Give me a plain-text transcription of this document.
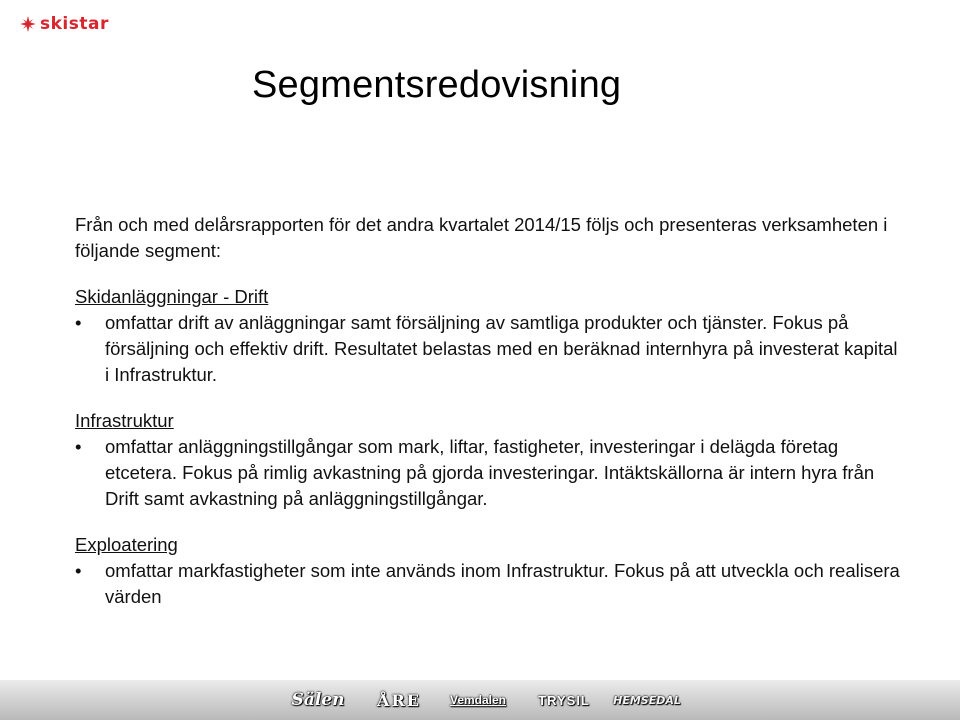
skistar
Segmentsredovisning

Från och med delårsrapporten för det andra kvartalet 2014/15 följs och presenteras verksamheten i följande segment:

Skidanläggningar - Drift

• omfattar drift av anläggningar samt försäljning av samtliga produkter och tjänster. Fokus på försäljning och effektiv drift. Resultatet belastas med en beräknad internhyra på investerat kapital i Infrastruktur.

Infrastruktur

• omfattar anläggningstillgångar som mark, liftar, fastigheter, investeringar i delägda företag etcetera. Fokus på rimlig avkastning på gjorda investeringar. Intäktskällorna är intern hyra från Drift samt avkastning på anläggningstillgångar.

Exploatering

• omfattar markfastigheter som inte används inom Infrastruktur. Fokus på att utveckla och realisera värden

Sälen	ÅRE	Vemdalen	TRYSIL	HEMSEDAL
